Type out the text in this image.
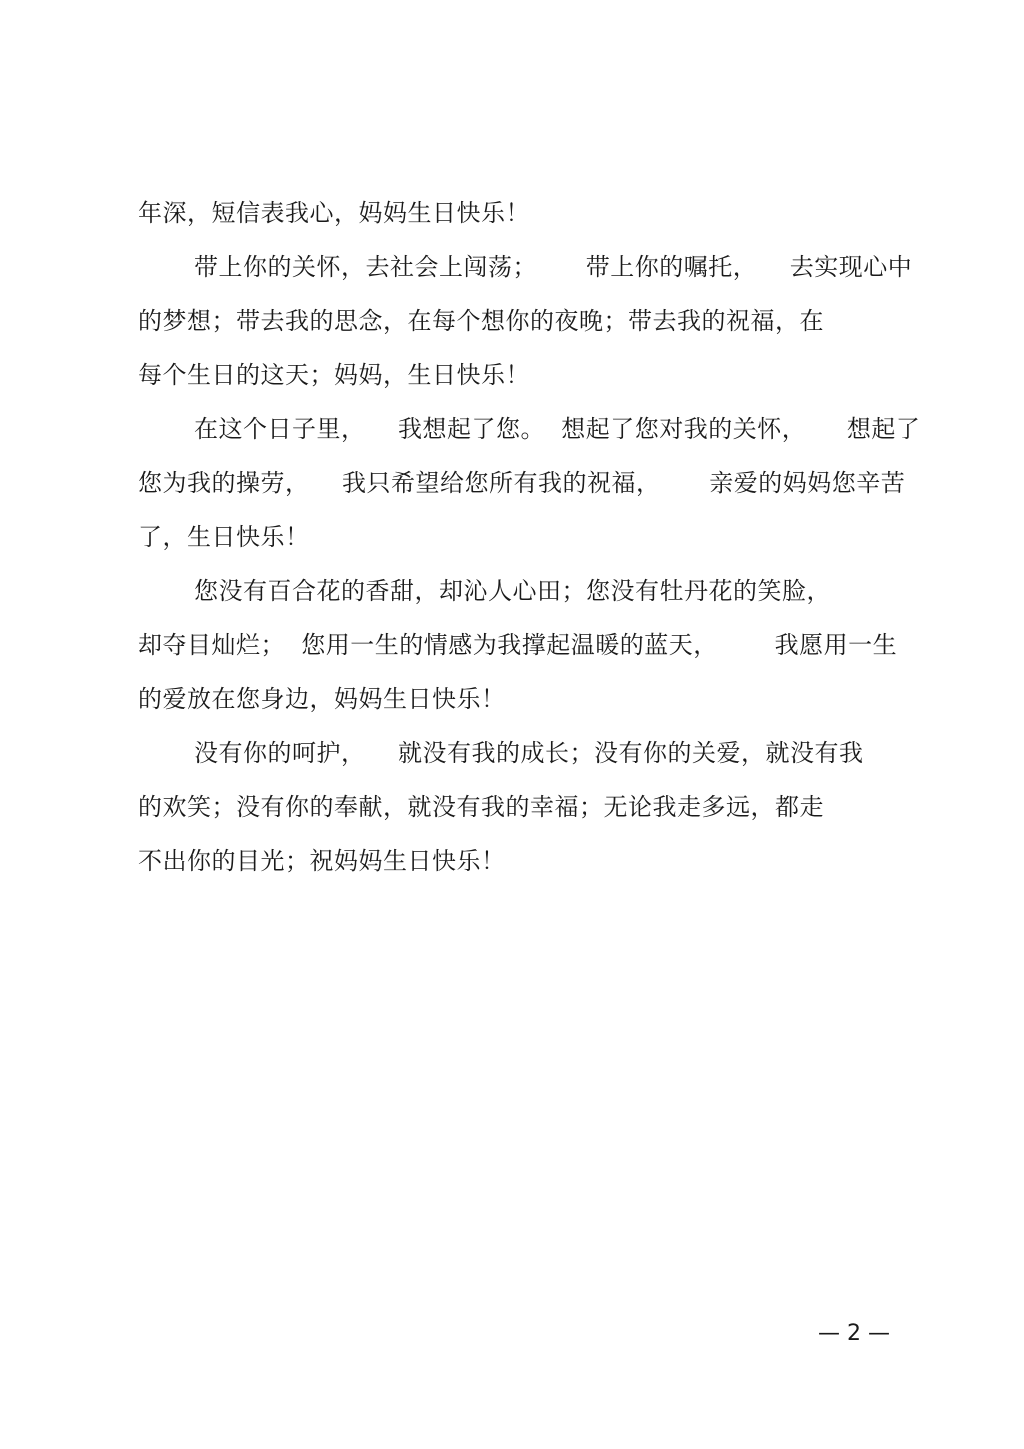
年深，短信表我心，妈妈生日快乐！
带上你的关怀，去社会上闯荡；      带上你的嘱托，    去实现心中
的梦想；带去我的思念，在每个想你的夜晚；带去我的祝福，在
每个生日的这天；妈妈，生日快乐！
在这个日子里，    我想起了您。  想起了您对我的关怀，     想起了
您为我的操劳，    我只希望给您所有我的祝福，      亲爱的妈妈您辛苦
了，生日快乐！
您没有百合花的香甜，却沁人心田；您没有牡丹花的笑脸，
却夺目灿烂；  您用一生的情感为我撑起温暖的蓝天，       我愿用一生
的爱放在您身边，妈妈生日快乐！
没有你的呵护，    就没有我的成长；没有你的关爱，就没有我
的欢笑；没有你的奉献，就没有我的幸福；无论我走多远，都走
不出你的目光；祝妈妈生日快乐！
— 2 —
